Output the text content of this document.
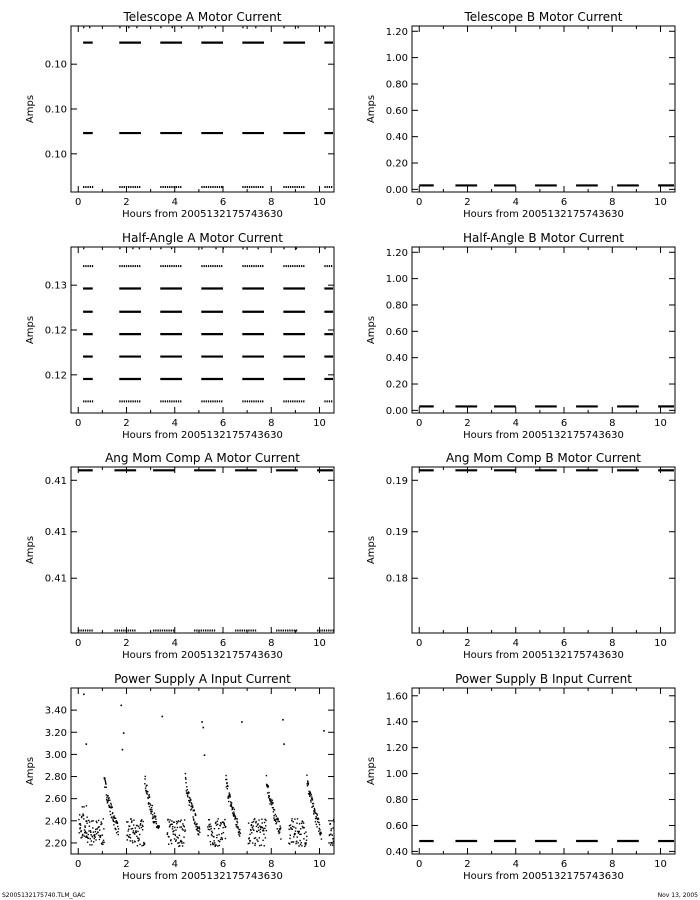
Telescope A Motor Current
0	2	4	6	8	10
0.10
0.10
0.10
Hours from 2005132175743630
Amps
Telescope B Motor Current
0	2	4	6	8	10
0.00
0.20
0.40
0.60
0.80
1.00
1.20
Hours from 2005132175743630
Amps
Half-Angle A Motor Current
0	2	4	6	8	10
0.13
0.12
0.12
Hours from 2005132175743630
Amps
Half-Angle B Motor Current
0	2	4	6	8	10
0.00
0.20
0.40
0.60
0.80
1.00
1.20
Hours from 2005132175743630
Amps
Ang Mom Comp A Motor Current
0	2	4	6	8	10
0.41
0.41
0.41
Hours from 2005132175743630
Amps
Ang Mom Comp B Motor Current
0	2	4	6	8	10
0.19
0.19
0.18
Hours from 2005132175743630
Amps
Power Supply A Input Current
0	2	4	6	8	10
2.20
2.40
2.60
2.80
3.00
3.20
3.40
Hours from 2005132175743630
Amps
Power Supply B Input Current
0	2	4	6	8	10
0.40
0.60
0.80
1.00
1.20
1.40
1.60
Hours from 2005132175743630
Amps
S2005132175740.TLM_GAC	Nov 13, 2005
